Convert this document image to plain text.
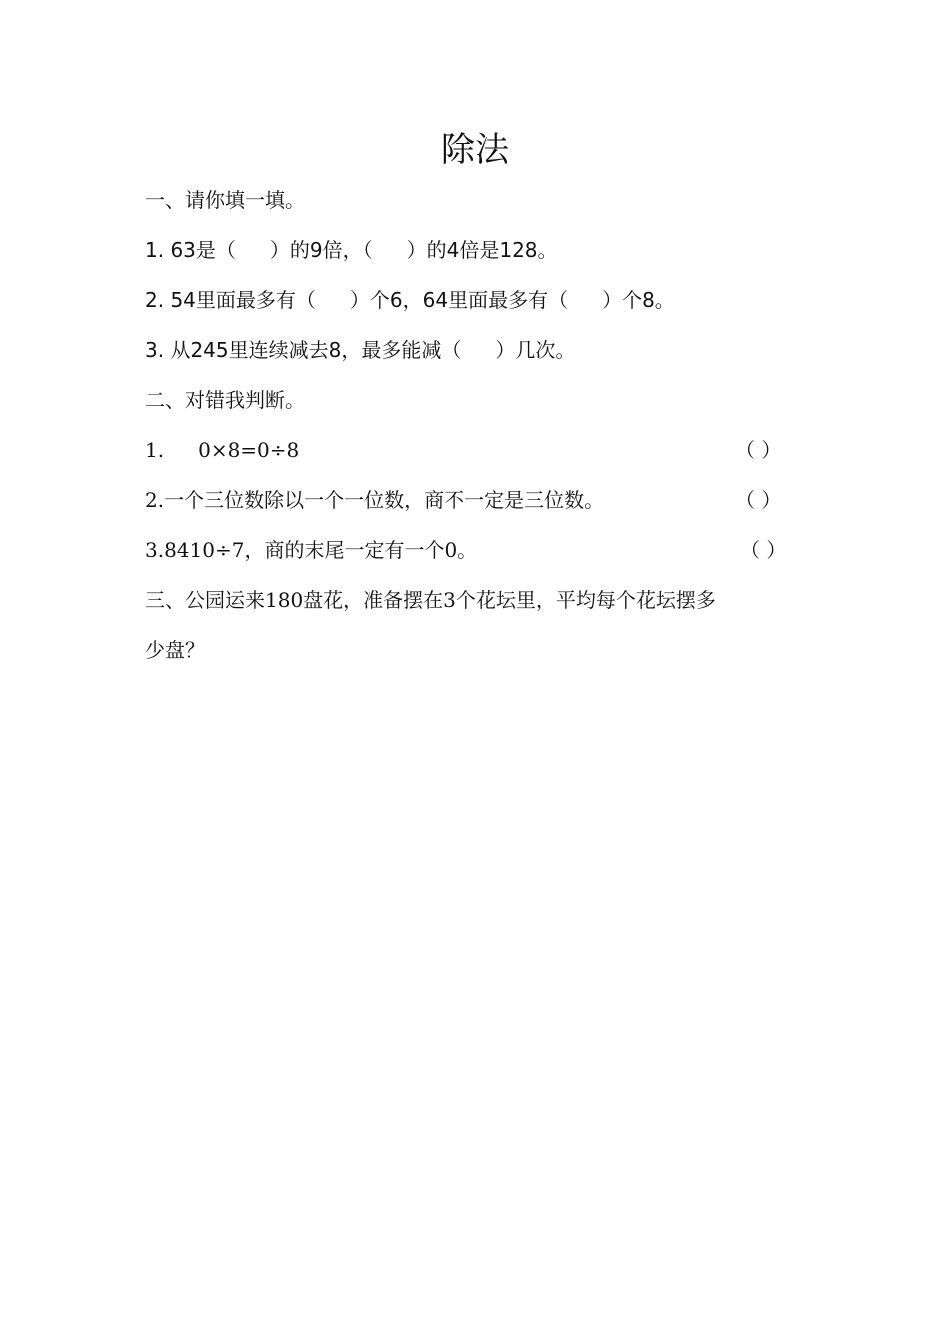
除法
一、请你填一填。
1. 63是（ ）的9倍，（ ）的4倍是128。
2. 54里面最多有（ ）个6，64里面最多有（ ）个8。
3. 从245里连续减去8，最多能减（ ）几次。
二、对错我判断。
1. 0×8=0÷8	（ ）
2.一个三位数除以一个一位数，商不一定是三位数。	（ ）
3.8410÷7，商的末尾一定有一个0。	（ ）
三、公园运来180盘花，准备摆在3个花坛里，平均每个花坛摆多
少盘？
